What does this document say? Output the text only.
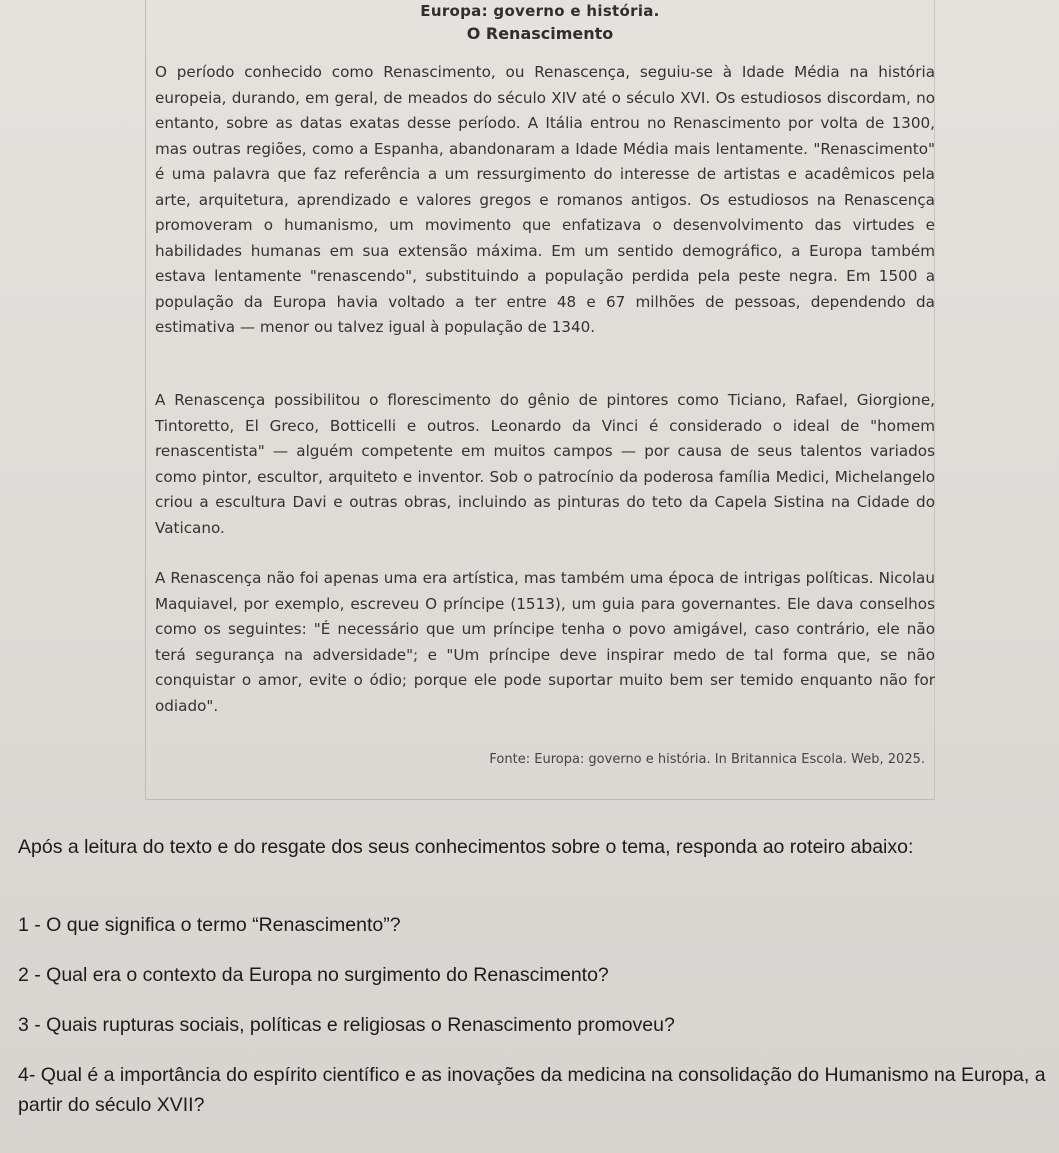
Europa: governo e história.
O Renascimento

O período conhecido como Renascimento, ou Renascença, seguiu-se à Idade Média na história europeia, durando, em geral, de meados do século XIV até o século XVI. Os estudiosos discordam, no entanto, sobre as datas exatas desse período. A Itália entrou no Renascimento por volta de 1300, mas outras regiões, como a Espanha, abandonaram a Idade Média mais lentamente. "Renascimento" é uma palavra que faz referência a um ressurgimento do interesse de artistas e acadêmicos pela arte, arquitetura, aprendizado e valores gregos e romanos antigos. Os estudiosos na Renascença promoveram o humanismo, um movimento que enfatizava o desenvolvimento das virtudes e habilidades humanas em sua extensão máxima. Em um sentido demográfico, a Europa também estava lentamente "renascendo", substituindo a população perdida pela peste negra. Em 1500 a população da Europa havia voltado a ter entre 48 e 67 milhões de pessoas, dependendo da estimativa — menor ou talvez igual à população de 1340.

A Renascença possibilitou o florescimento do gênio de pintores como Ticiano, Rafael, Giorgione, Tintoretto, El Greco, Botticelli e outros. Leonardo da Vinci é considerado o ideal de "homem renascentista" — alguém competente em muitos campos — por causa de seus talentos variados como pintor, escultor, arquiteto e inventor. Sob o patrocínio da poderosa família Medici, Michelangelo criou a escultura Davi e outras obras, incluindo as pinturas do teto da Capela Sistina na Cidade do Vaticano.

A Renascença não foi apenas uma era artística, mas também uma época de intrigas políticas. Nicolau Maquiavel, por exemplo, escreveu O príncipe (1513), um guia para governantes. Ele dava conselhos como os seguintes: "É necessário que um príncipe tenha o povo amigável, caso contrário, ele não terá segurança na adversidade"; e "Um príncipe deve inspirar medo de tal forma que, se não conquistar o amor, evite o ódio; porque ele pode suportar muito bem ser temido enquanto não for odiado".

Fonte: Europa: governo e história. In Britannica Escola. Web, 2025.

Após a leitura do texto e do resgate dos seus conhecimentos sobre o tema, responda ao roteiro abaixo:

1 - O que significa o termo “Renascimento”?

2 - Qual era o contexto da Europa no surgimento do Renascimento?

3 - Quais rupturas sociais, políticas e religiosas o Renascimento promoveu?

4- Qual é a importância do espírito científico e as inovações da medicina na consolidação do Humanismo na Europa, a partir do século XVII?
